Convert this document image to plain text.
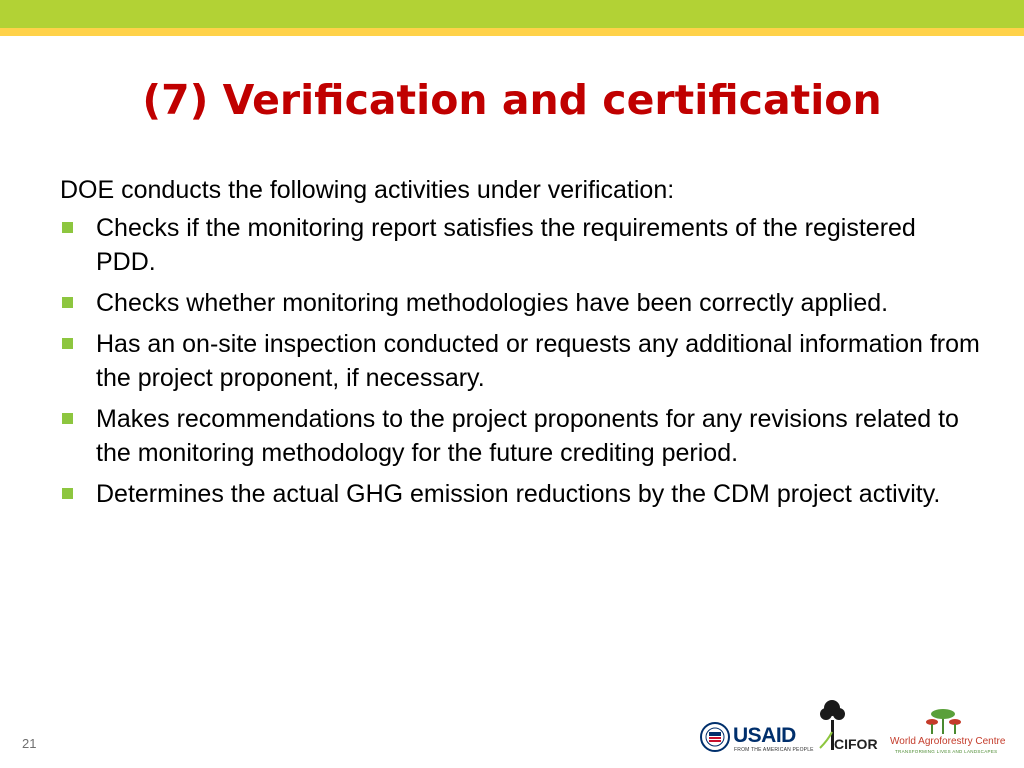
(7) Verification and certification

DOE conducts the following activities under verification:

Checks if the monitoring report satisfies the requirements of the registered PDD.
Checks whether monitoring methodologies have been correctly applied.
Has an on-site inspection conducted or requests any additional information from the project proponent, if necessary.
Makes recommendations to the project proponents for any revisions related to the monitoring methodology for the future crediting period.
Determines the actual GHG emission reductions by the CDM project activity.
21	USAID
FROM THE AMERICAN PEOPLE CIFOR World Agroforestry Centre
TRANSFORMING LIVES AND LANDSCAPES
